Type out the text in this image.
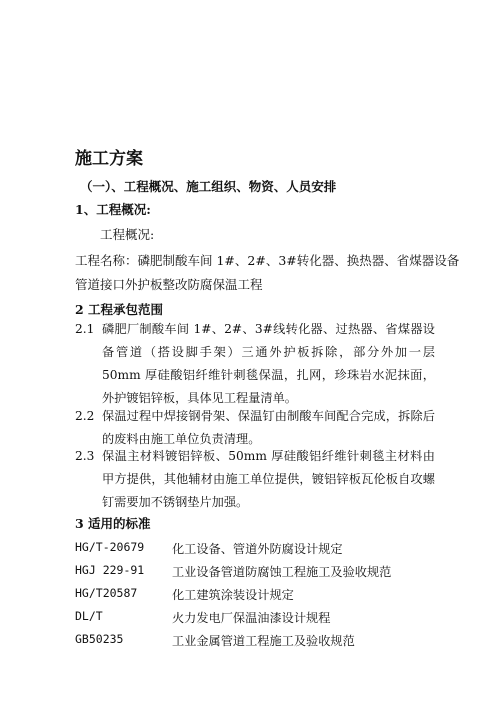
施工方案
（一）、工程概况、施工组织、物资、人员安排
1、工程概况:
工程概况:
工程名称：磷肥制酸车间 1#、2#、3#转化器、换热器、省煤器设备
管道接口外护板整改防腐保温工程
2 工程承包范围
2.1 磷肥厂制酸车间 1#、2#、3#线转化器、过热器、省煤器设备管道（搭设脚手架）三通外护板拆除，部分外加一层 50mm 厚硅酸铝纤维针刺毯保温，扎网，珍珠岩水泥抹面，外护镀铝锌板，具体见工程量清单。
2.2 保温过程中焊接钢骨架、保温钉由制酸车间配合完成，拆除后的废料由施工单位负责清理。
2.3 保温主材料镀铝锌板、50mm 厚硅酸铝纤维针刺毯主材料由甲方提供，其他辅材由施工单位提供，镀铝锌板瓦伦板自攻螺钉需要加不锈钢垫片加强。
3 适用的标准
HG/T-20679 化工设备、管道外防腐设计规定
HGJ 229-91 工业设备管道防腐蚀工程施工及验收规范
HG/T20587	化工建筑涂装设计规定
DL/T	火力发电厂保温油漆设计规程
GB50235	工业金属管道工程施工及验收规范
